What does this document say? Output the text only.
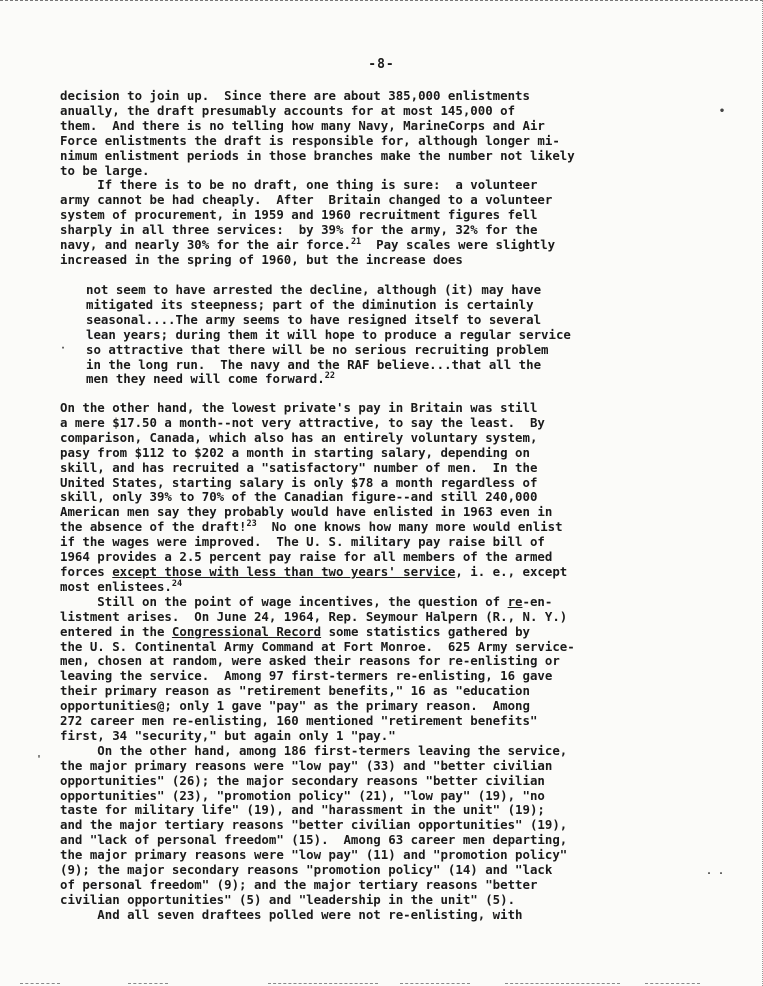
-8-
decision to join up.  Since there are about 385,000 enlistments
anually, the draft presumably accounts for at most 145,000 of
them.  And there is no telling how many Navy, MarineCorps and Air
Force enlistments the draft is responsible for, although longer mi-
nimum enlistment periods in those branches make the number not likely
to be large.
If there is to be no draft, one thing is sure:  a volunteer
army cannot be had cheaply.  After  Britain changed to a volunteer
system of procurement, in 1959 and 1960 recruitment figures fell
sharply in all three services:  by 39% for the army, 32% for the
navy, and nearly 30% for the air force.$^{21}$  Pay scales were slightly
increased in the spring of 1960, but the increase does
not seem to have arrested the decline, although (it) may have
mitigated its steepness; part of the diminution is certainly
seasonal....The army seems to have resigned itself to several
lean years; during them it will hope to produce a regular service
so attractive that there will be no serious recruiting problem
in the long run.  The navy and the RAF believe...that all the
men they need will come forward.$^{22}$
On the other hand, the lowest private's pay in Britain was still
a mere $17.50 a month--not very attractive, to say the least.  By
comparison, Canada, which also has an entirely voluntary system,
pasy from $112 to $202 a month in starting salary, depending on
skill, and has recruited a "satisfactory" number of men.  In the
United States, starting salary is only $78 a month regardless of
skill, only 39% to 70% of the Canadian figure--and still 240,000
American men say they probably would have enlisted in 1963 even in
the absence of the draft!$^{23}$  No one knows how many more would enlist
if the wages were improved.  The U. S. military pay raise bill of
1964 provides a 2.5 percent pay raise for all members of the armed
forces except those with less than two years' service, i. e., except
most enlistees.$^{24}$
Still on the point of wage incentives, the question of re-en-
listment arises.  On June 24, 1964, Rep. Seymour Halpern (R., N. Y.)
entered in the Congressional Record some statistics gathered by
the U. S. Continental Army Command at Fort Monroe.  625 Army service-
men, chosen at random, were asked their reasons for re-enlisting or
leaving the service.  Among 97 first-termers re-enlisting, 16 gave
their primary reason as "retirement benefits," 16 as "education
opportunities@; only 1 gave "pay" as the primary reason.  Among
272 career men re-enlisting, 160 mentioned "retirement benefits"
first, 34 "security," but again only 1 "pay."
On the other hand, among 186 first-termers leaving the service,
the major primary reasons were "low pay" (33) and "better civilian
opportunities" (26); the major secondary reasons "better civilian
opportunities" (23), "promotion policy" (21), "low pay" (19), "no
taste for military life" (19), and "harassment in the unit" (19);
and the major tertiary reasons "better civilian opportunities" (19),
and "lack of personal freedom" (15).  Among 63 career men departing,
the major primary reasons were "low pay" (11) and "promotion policy"
(9); the major secondary reasons "promotion policy" (14) and "lack
of personal freedom" (9); and the major tertiary reasons "better
civilian opportunities" (5) and "leadership in the unit" (5).
And all seven draftees polled were not re-enlisting, with
•
·
'
. .
